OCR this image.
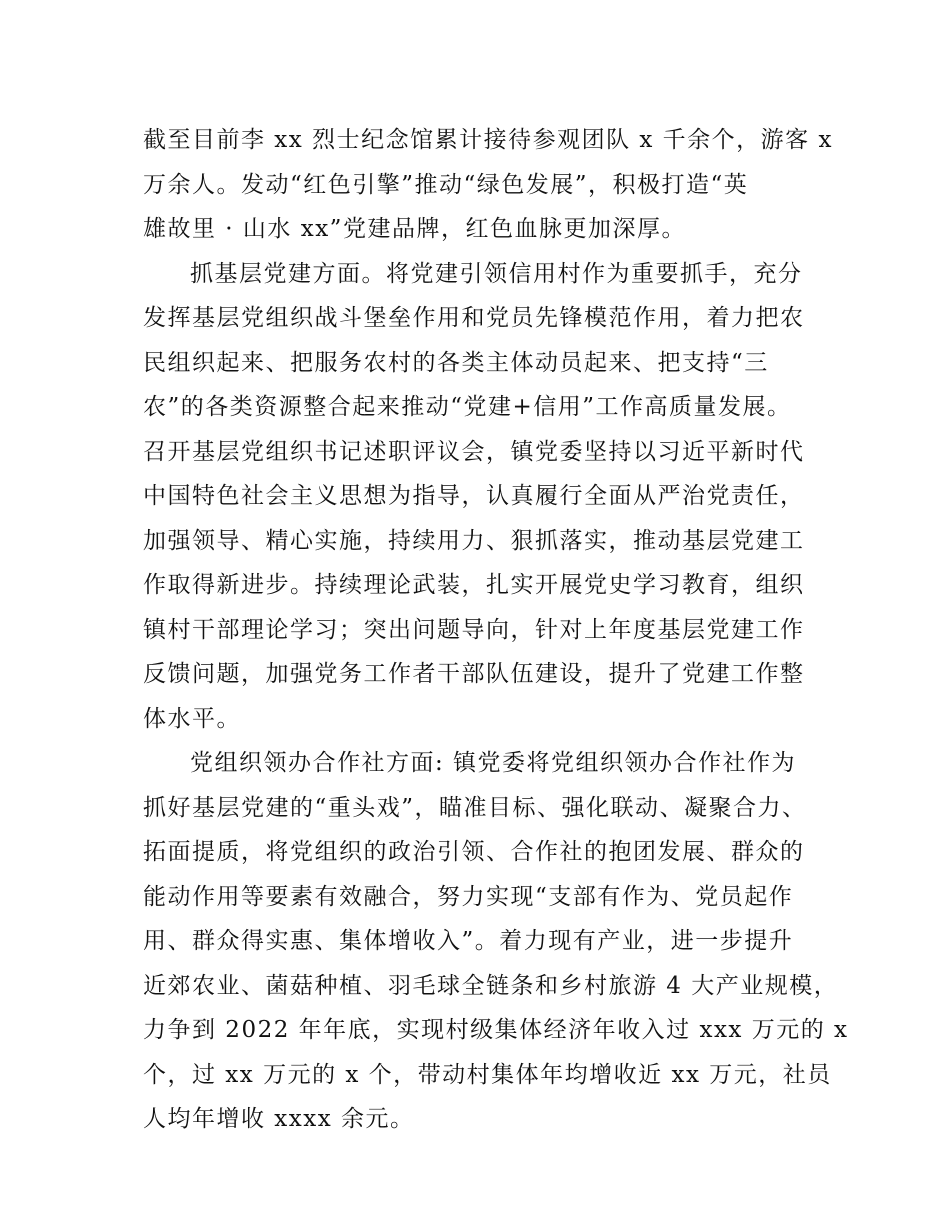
截至目前李 xx 烈士纪念馆累计接待参观团队 x 千余个，游客 x
万余人。发动“红色引擎”推动“绿色发展”，积极打造“英
雄故里 · 山水 xx”党建品牌，红色血脉更加深厚。
抓基层党建方面。将党建引领信用村作为重要抓手，充分
发挥基层党组织战斗堡垒作用和党员先锋模范作用，着力把农
民组织起来、把服务农村的各类主体动员起来、把支持“三
农”的各类资源整合起来推动“党建+信用”工作高质量发展。
召开基层党组织书记述职评议会，镇党委坚持以习近平新时代
中国特色社会主义思想为指导，认真履行全面从严治党责任，
加强领导、精心实施，持续用力、狠抓落实，推动基层党建工
作取得新进步。持续理论武装，扎实开展党史学习教育，组织
镇村干部理论学习；突出问题导向，针对上年度基层党建工作
反馈问题，加强党务工作者干部队伍建设，提升了党建工作整
体水平。
党组织领办合作社方面: 镇党委将党组织领办合作社作为
抓好基层党建的“重头戏”，瞄准目标、强化联动、凝聚合力、
拓面提质，将党组织的政治引领、合作社的抱团发展、群众的
能动作用等要素有效融合，努力实现“支部有作为、党员起作
用、群众得实惠、集体增收入”。着力现有产业，进一步提升
近郊农业、菌菇种植、羽毛球全链条和乡村旅游 4 大产业规模，
力争到 2022 年年底，实现村级集体经济年收入过 xxx 万元的 x
个，过 xx 万元的 x 个，带动村集体年均增收近 xx 万元，社员
人均年增收 xxxx 余元。
